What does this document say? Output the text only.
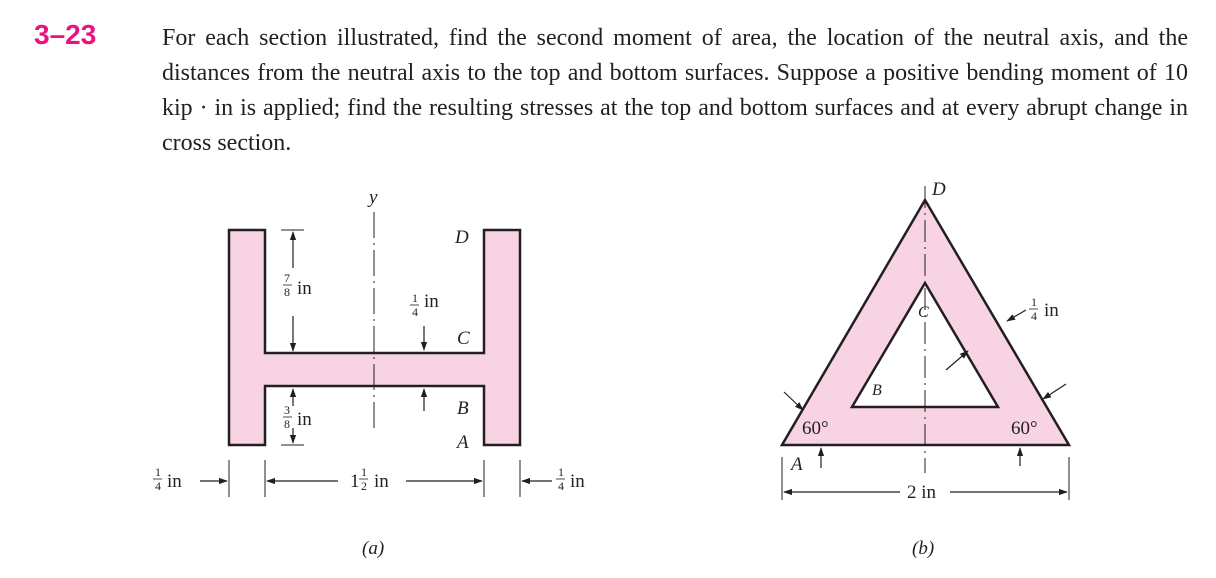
3–23	For each section illustrated, find the second moment of area, the location of the neutral axis, and the distances from the neutral axis to the top and bottom surfaces. Suppose a positive bending moment of 10 kip · in is applied; find the resulting stresses at the top and bottom surfaces and at every abrupt change in cross section.

y
D
C
B
A
7
8 in	1
4 in
3
8 in
1
4 in	1 1
2 in	1
4 in
(a)
D
C
B
A
60°	60°
1
4 in
2 in
(b)
